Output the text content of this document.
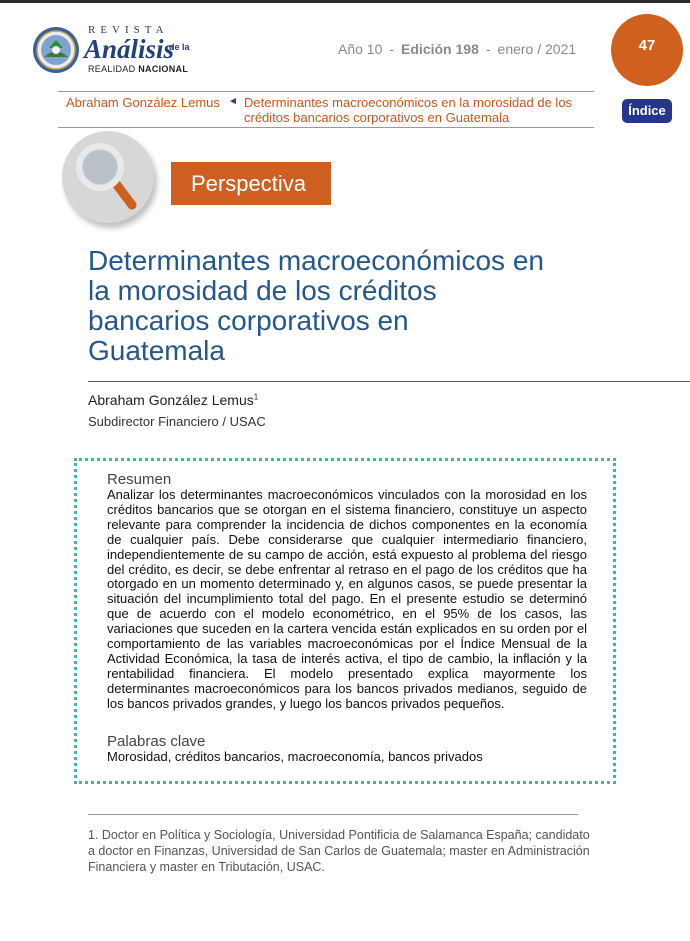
REVISTA
Análisis
de la
REALIDAD NACIONAL
Año 10 - Edición 198 - enero / 2021	47
Abraham González Lemus ◄ Determinantes macroeconómicos en la morosidad de los créditos bancarios corporativos en Guatemala	Índice
Perspectiva
Determinantes macroeconómicos en la morosidad de los créditos bancarios corporativos en Guatemala
Abraham González Lemus$^1$
Subdirector Financiero / USAC
Resumen
Analizar los determinantes macroeconómicos vinculados con la morosidad en los créditos bancarios que se otorgan en el sistema financiero, constituye un aspecto relevante para comprender la incidencia de dichos componentes en la economía de cualquier país. Debe considerarse que cualquier intermediario financiero, independientemente de su campo de acción, está expuesto al problema del riesgo del crédito, es decir, se debe enfrentar al retraso en el pago de los créditos que ha otorgado en un momento determinado y, en algunos casos, se puede presentar la situación del incumplimiento total del pago. En el presente estudio se determinó que de acuerdo con el modelo econométrico, en el 95% de los casos, las variaciones que suceden en la cartera vencida están explicados en su orden por el comportamiento de las variables macroeconómicas por el Índice Mensual de la Actividad Económica, la tasa de interés activa, el tipo de cambio, la inflación y la rentabilidad financiera. El modelo presentado explica mayormente los determinantes macroeconómicos para los bancos privados medianos, seguido de los bancos privados grandes, y luego los bancos privados pequeños.
Palabras clave
Morosidad, créditos bancarios, macroeconomía, bancos privados
1. Doctor en Política y Sociología, Universidad Pontificia de Salamanca España; candidato a doctor en Finanzas, Universidad de San Carlos de Guatemala; master en Administración Financiera y master en Tributación, USAC.
